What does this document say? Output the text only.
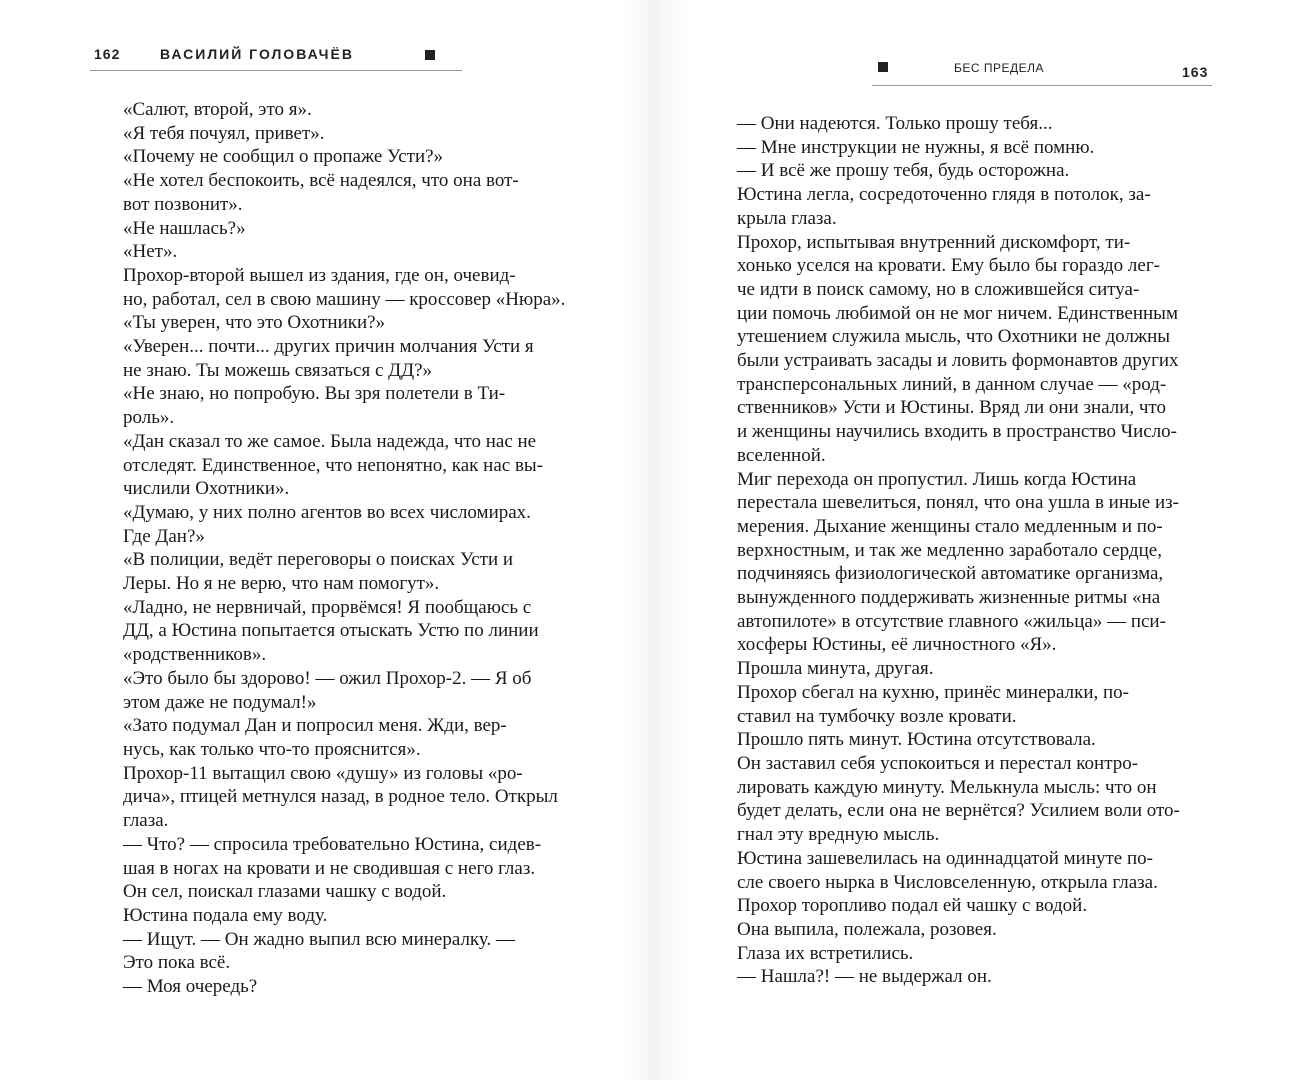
162	ВАСИЛИЙ ГОЛОВАЧЁВ

«Салют, второй, это я».

«Я тебя почуял, привет».

«Почему не сообщил о пропаже Усти?»

«Не хотел беспокоить, всё надеялся, что она вот-

вот позвонит».

«Не нашлась?»

«Нет».

Прохор-второй вышел из здания, где он, очевид-

но, работал, сел в свою машину — кроссовер «Нюра».

«Ты уверен, что это Охотники?»

«Уверен... почти... других причин молчания Усти я

не знаю. Ты можешь связаться с ДД?»

«Не знаю, но попробую. Вы зря полетели в Ти-

роль».

«Дан сказал то же самое. Была надежда, что нас не

отследят. Единственное, что непонятно, как нас вы-

числили Охотники».

«Думаю, у них полно агентов во всех числомирах.

Где Дан?»

«В полиции, ведёт переговоры о поисках Усти и

Леры. Но я не верю, что нам помогут».

«Ладно, не нервничай, прорвёмся! Я пообщаюсь с

ДД, а Юстина попытается отыскать Устю по линии

«родственников».

«Это было бы здорово! — ожил Прохор-2. — Я об

этом даже не подумал!»

«Зато подумал Дан и попросил меня. Жди, вер-

нусь, как только что-то прояснится».

Прохор-11 вытащил свою «душу» из головы «ро-

дича», птицей метнулся назад, в родное тело. Открыл

глаза.

— Что? — спросила требовательно Юстина, сидев-

шая в ногах на кровати и не сводившая с него глаз.

Он сел, поискал глазами чашку с водой.

Юстина подала ему воду.

— Ищут. — Он жадно выпил всю минералку. —

Это пока всё.

— Моя очередь?

БЕС ПРЕДЕЛА	163

— Они надеются. Только прошу тебя...

— Мне инструкции не нужны, я всё помню.

— И всё же прошу тебя, будь осторожна.

Юстина легла, сосредоточенно глядя в потолок, за-

крыла глаза.

Прохор, испытывая внутренний дискомфорт, ти-

хонько уселся на кровати. Ему было бы гораздо лег-

че идти в поиск самому, но в сложившейся ситуа-

ции помочь любимой он не мог ничем. Единственным

утешением служила мысль, что Охотники не должны

были устраивать засады и ловить формонавтов других

трансперсональных линий, в данном случае — «род-

ственников» Усти и Юстины. Вряд ли они знали, что

и женщины научились входить в пространство Число-

вселенной.

Миг перехода он пропустил. Лишь когда Юстина

перестала шевелиться, понял, что она ушла в иные из-

мерения. Дыхание женщины стало медленным и по-

верхностным, и так же медленно заработало сердце,

подчиняясь физиологической автоматике организма,

вынужденного поддерживать жизненные ритмы «на

автопилоте» в отсутствие главного «жильца» — пси-

хосферы Юстины, её личностного «Я».

Прошла минута, другая.

Прохор сбегал на кухню, принёс минералки, по-

ставил на тумбочку возле кровати.

Прошло пять минут. Юстина отсутствовала.

Он заставил себя успокоиться и перестал контро-

лировать каждую минуту. Мелькнула мысль: что он

будет делать, если она не вернётся? Усилием воли ото-

гнал эту вредную мысль.

Юстина зашевелилась на одиннадцатой минуте по-

сле своего нырка в Числовселенную, открыла глаза.

Прохор торопливо подал ей чашку с водой.

Она выпила, полежала, розовея.

Глаза их встретились.

— Нашла?! — не выдержал он.
